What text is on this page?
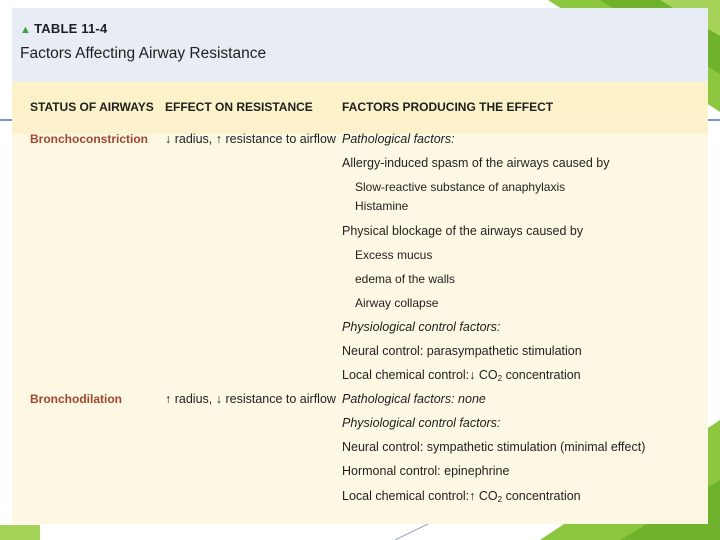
▲ TABLE 11-4
Factors Affecting Airway Resistance
STATUS OF AIRWAYS EFFECT ON RESISTANCE FACTORS PRODUCING THE EFFECT
Bronchoconstriction ↓ radius, ↑ resistance to airflow Pathological factors:
Allergy-induced spasm of the airways caused by
Slow-reactive substance of anaphylaxis
Histamine
Physical blockage of the airways caused by
Excess mucus
edema of the walls
Airway collapse
Physiological control factors:
Neural control: parasympathetic stimulation
Local chemical control:↓ $CO_2$ concentration
Bronchodilation	↑ radius, ↓ resistance to airflow Pathological factors: none
Physiological control factors:
Neural control: sympathetic stimulation (minimal effect)
Hormonal control: epinephrine
Local chemical control:↑ $CO_2$ concentration
